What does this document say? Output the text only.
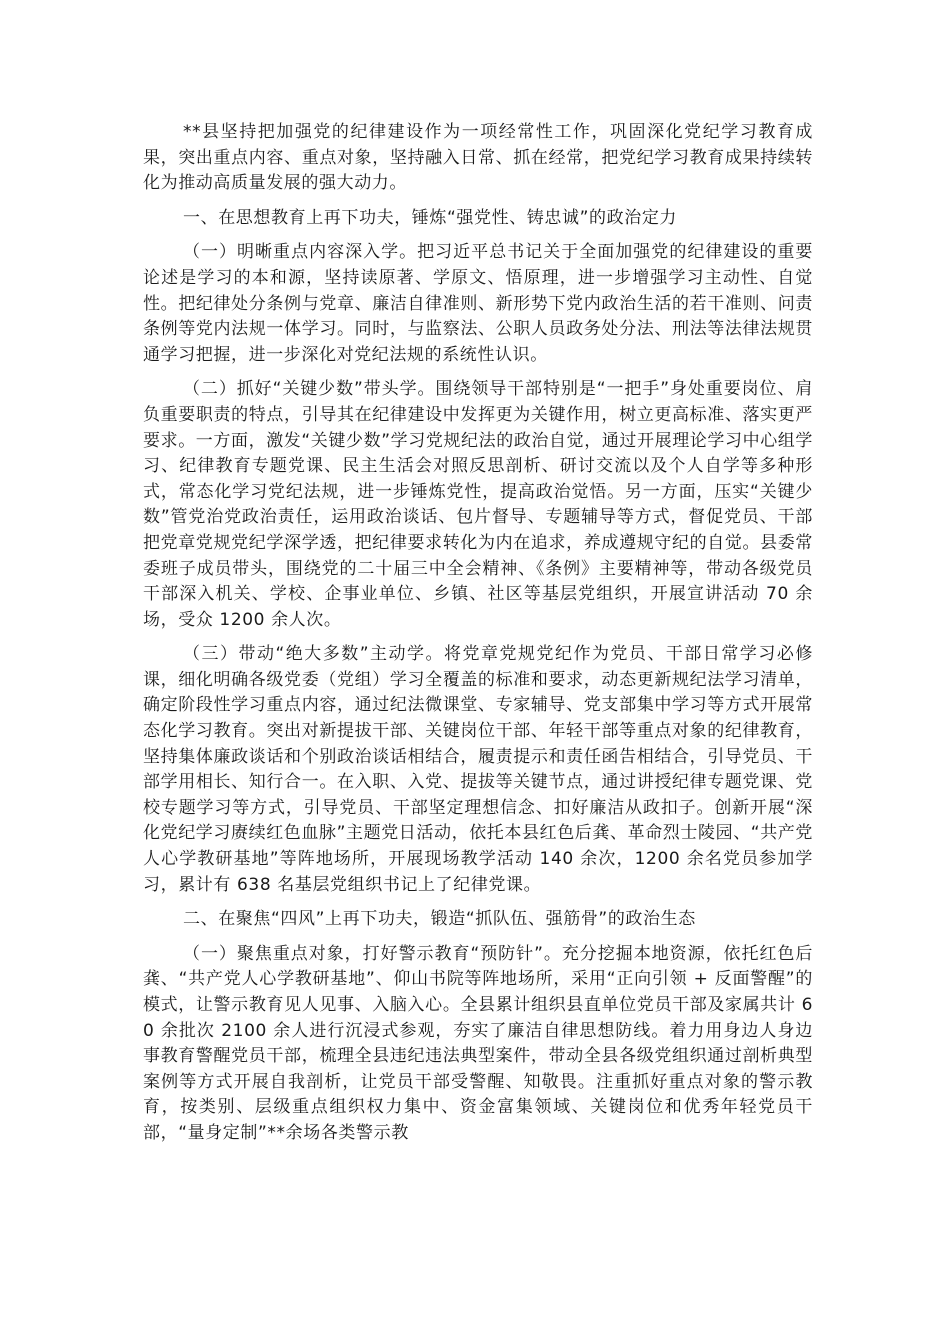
**县坚持把加强党的纪律建设作为一项经常性工作，巩固深化党纪学习教育成果，突出重点内容、重点对象，坚持融入日常、抓在经常，把党纪学习教育成果持续转化为推动高质量发展的强大动力。

一、在思想教育上再下功夫，锤炼“强党性、铸忠诚”的政治定力

（一）明晰重点内容深入学。把习近平总书记关于全面加强党的纪律建设的重要论述是学习的本和源，坚持读原著、学原文、悟原理，进一步增强学习主动性、自觉性。把纪律处分条例与党章、廉洁自律准则、新形势下党内政治生活的若干准则、问责条例等党内法规一体学习。同时，与监察法、公职人员政务处分法、刑法等法律法规贯通学习把握，进一步深化对党纪法规的系统性认识。

（二）抓好“关键少数”带头学。围绕领导干部特别是“一把手”身处重要岗位、肩负重要职责的特点，引导其在纪律建设中发挥更为关键作用，树立更高标准、落实更严要求。一方面，激发“关键少数”学习党规纪法的政治自觉，通过开展理论学习中心组学习、纪律教育专题党课、民主生活会对照反思剖析、研讨交流以及个人自学等多种形式，常态化学习党纪法规，进一步锤炼党性，提高政治觉悟。另一方面，压实“关键少数”管党治党政治责任，运用政治谈话、包片督导、专题辅导等方式，督促党员、干部把党章党规党纪学深学透，把纪律要求转化为内在追求，养成遵规守纪的自觉。县委常委班子成员带头，围绕党的二十届三中全会精神、《条例》主要精神等，带动各级党员干部深入机关、学校、企事业单位、乡镇、社区等基层党组织，开展宣讲活动 70 余场，受众 1200 余人次。

（三）带动“绝大多数”主动学。将党章党规党纪作为党员、干部日常学习必修课，细化明确各级党委（党组）学习全覆盖的标准和要求，动态更新规纪法学习清单，确定阶段性学习重点内容，通过纪法微课堂、专家辅导、党支部集中学习等方式开展常态化学习教育。突出对新提拔干部、关键岗位干部、年轻干部等重点对象的纪律教育，坚持集体廉政谈话和个别政治谈话相结合，履责提示和责任函告相结合，引导党员、干部学用相长、知行合一。在入职、入党、提拔等关键节点，通过讲授纪律专题党课、党校专题学习等方式，引导党员、干部坚定理想信念、扣好廉洁从政扣子。创新开展“深化党纪学习赓续红色血脉”主题党日活动，依托本县红色后龚、革命烈士陵园、“共产党人心学教研基地”等阵地场所，开展现场教学活动 140 余次，1200 余名党员参加学习，累计有 638 名基层党组织书记上了纪律党课。

二、在聚焦“四风”上再下功夫，锻造“抓队伍、强筋骨”的政治生态

（一）聚焦重点对象，打好警示教育“预防针”。充分挖掘本地资源，依托红色后龚、“共产党人心学教研基地”、仰山书院等阵地场所，采用“正向引领 + 反面警醒”的模式，让警示教育见人见事、入脑入心。全县累计组织县直单位党员干部及家属共计 60 余批次 2100 余人进行沉浸式参观，夯实了廉洁自律思想防线。着力用身边人身边事教育警醒党员干部，梳理全县违纪违法典型案件，带动全县各级党组织通过剖析典型案例等方式开展自我剖析，让党员干部受警醒、知敬畏。注重抓好重点对象的警示教育，按类别、层级重点组织权力集中、资金富集领域、关键岗位和优秀年轻党员干部，“量身定制”**余场各类警示教
